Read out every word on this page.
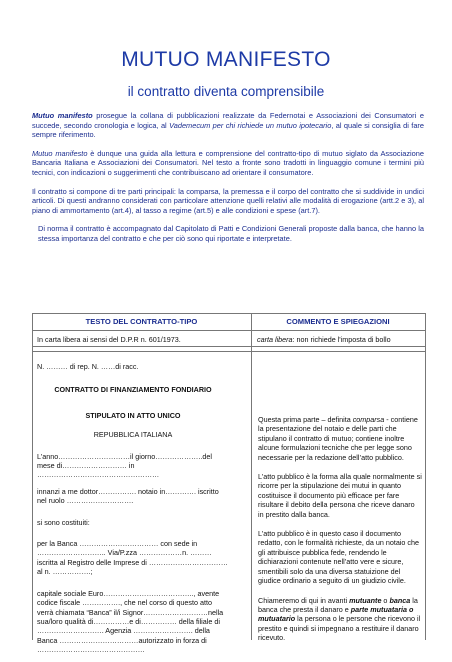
MUTUO MANIFESTO
il contratto diventa comprensibile

Mutuo manifesto prosegue la collana di pubblicazioni realizzate da Federnotai e Associazioni dei Consumatori e succede, secondo cronologia e logica, al Vademecum per chi richiede un mutuo ipotecario, al quale si consiglia di fare sempre riferimento.

Mutuo manifesto è dunque una guida alla lettura e comprensione del contratto-tipo di mutuo siglato da Associazione Bancaria Italiana e Associazioni dei Consumatori. Nel testo a fronte sono tradotti in linguaggio comune i termini più tecnici, con indicazioni o suggerimenti che contribuiscano ad orientare il consumatore.

Il contratto si compone di tre parti principali: la comparsa, la premessa e il corpo del contratto che si suddivide in undici articoli. Di questi andranno considerati con particolare attenzione quelli relativi alle modalità di erogazione (artt.2 e 3), al piano di ammortamento (art.4), al tasso a regime (art.5) e alle condizioni e spese (art.7).

Di norma il contratto è accompagnato dal Capitolato di Patti e Condizioni Generali proposte dalla banca, che hanno la stessa importanza del contratto e che per ciò sono qui riportate e interpretate.

TESTO DEL CONTRATTO-TIPO	COMMENTO E SPIEGAZIONI
In carta libera ai sensi del D.P.R n. 601/1973.	carta libera: non richiede l'imposta di bollo
N. ……… di rep. N. ……di racc.
CONTRATTO DI FINANZIAMENTO FONDIARIO
STIPULATO IN ATTO UNICO
REPUBBLICA ITALIANA
L’anno…………………………il giorno………………..del mese di……………………… in ……………………………………………
innanzi a me dottor……………. notaio in…………. iscritto nel ruolo ……………………….
si sono costituiti:
per la Banca …………………………… con sede in ……………………….. Via/P.zza ………………n. ……… iscritta al Registro delle Imprese di …………………………… al n. …………….;
capitale sociale Euro……………………………….., avente codice fiscale ……………., che nel corso di questo atto verrà chiamata “Banca” il/i Signor………………………nella sua/loro qualità di……………e di…………… della filiale di ………………………. Agenzia ……………………. della Banca ……………………………autorizzato in forza di ………………………………………

Questa prima parte – definita comparsa - contiene la presentazione del notaio e delle parti che stipulano il contratto di mutuo; contiene inoltre alcune formulazioni tecniche che per legge sono necessarie per la redazione dell’atto pubblico.

L’atto pubblico è la forma alla quale normalmente si ricorre per la stipulazione dei mutui in quanto costituisce il documento più efficace per fare risultare il debito della persona che riceve danaro in prestito dalla banca.

L’atto pubblico è in questo caso il documento redatto, con le formalità richieste, da un notaio che gli attribuisce pubblica fede, rendendo le dichiarazioni contenute nell’atto vere e sicure, smentibili solo da una diversa statuizione del giudice ordinario a seguito di un giudizio civile.

Chiameremo di qui in avanti mutuante o banca la banca che presta il danaro e parte mutuataria o mutuatario la persona o le persone che ricevono il prestito e quindi si impegnano a restituire il danaro ricevuto.
